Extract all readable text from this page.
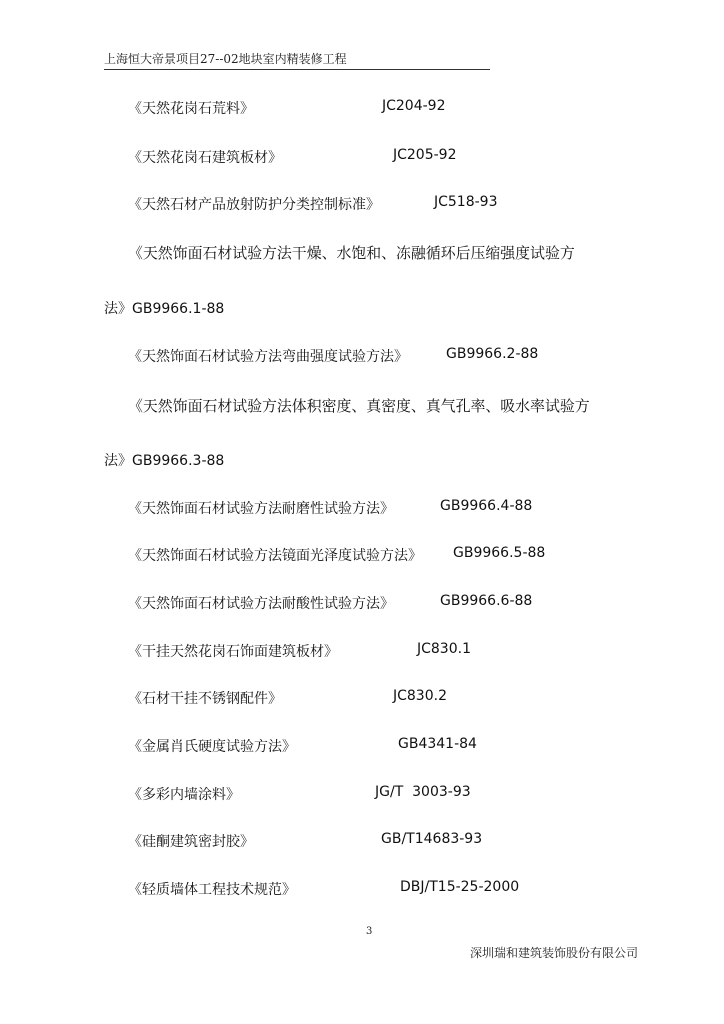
上海恒大帝景项目27--02地块室内精装修工程
《天然花岗石荒料》	JC204-92
《天然花岗石建筑板材》	JC205-92
《天然石材产品放射防护分类控制标准》	JC518-93
《天然饰面石材试验方法干燥、水饱和、冻融循环后压缩强度试验方
法》GB9966.1-88
《天然饰面石材试验方法弯曲强度试验方法》	GB9966.2-88
《天然饰面石材试验方法体积密度、真密度、真气孔率、吸水率试验方
法》GB9966.3-88
《天然饰面石材试验方法耐磨性试验方法》	GB9966.4-88
《天然饰面石材试验方法镜面光泽度试验方法》 GB9966.5-88
《天然饰面石材试验方法耐酸性试验方法》	GB9966.6-88
《干挂天然花岗石饰面建筑板材》	JC830.1
《石材干挂不锈钢配件》	JC830.2
《金属肖氏硬度试验方法》	GB4341-84
《多彩内墙涂料》	JG/T  3003-93
《硅酮建筑密封胶》	GB/T14683-93
《轻质墙体工程技术规范》	DBJ/T15-25-2000
3
深圳瑞和建筑装饰股份有限公司
